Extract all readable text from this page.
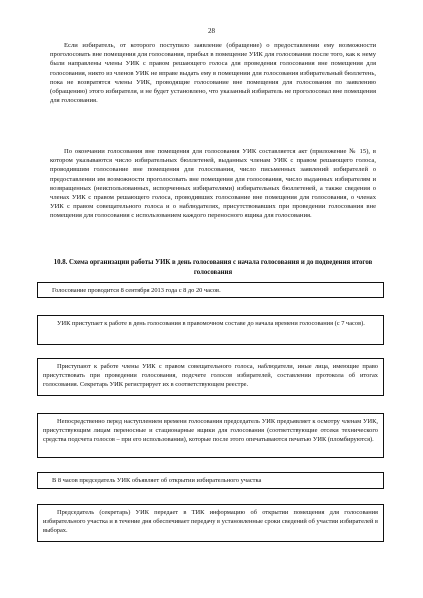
28

Если избиратель, от которого поступило заявление (обращение) о предоставлении ему возможности проголосовать вне помещения для голосования, прибыл в помещение УИК для голосования после того, как к нему были направлены члены УИК с правом решающего голоса для проведения голосования вне помещения для голосования, никто из членов УИК не вправе выдать ему в помещении для голосования избирательный бюллетень, пока не возвратятся члены УИК, проводящие голосование вне помещения для голосования по заявлению (обращению) этого избирателя, и не будет установлено, что указанный избиратель не проголосовал вне помещения для голосования.

По окончании голосования вне помещения для голосования УИК составляется акт (приложение № 15), в котором указываются число избирательных бюллетеней, выданных членам УИК с правом решающего голоса, проводившим голосование вне помещения для голосования, число письменных заявлений избирателей о предоставлении им возможности проголосовать вне помещения для голосования, число выданных избирателям и возвращенных (неиспользованных, испорченных избирателями) избирательных бюллетеней, а также сведения о членах УИК с правом решающего голоса, проводивших голосование вне помещения для голосования, о членах УИК с правом совещательного голоса и о наблюдателях, присутствовавших при проведении голосования вне помещения для голосования с использованием каждого переносного ящика для голосования.

10.8. Схема организации работы УИК в день голосования с начала голосования и до подведения итогов голосования

Голосование проводится 8 сентября 2013 года с 8 до 20 часов.

УИК приступает к работе в день голосования в правомочном составе до начала времени голосования (с 7 часов).

Приступают к работе члены УИК с правом совещательного голоса, наблюдатели, иные лица, имеющие право присутствовать при проведении голосования, подсчете голосов избирателей, составлении протокола об итогах голосования. Секретарь УИК регистрирует их в соответствующем реестре.

Непосредственно перед наступлением времени голосования председатель УИК предъявляет к осмотру членам УИК, присутствующим лицам переносные и стационарные ящики для голосования (соответствующие отсеки технического средства подсчета голосов – при его использовании), которые после этого опечатываются печатью УИК (пломбируются).

В 8 часов председатель УИК объявляет об открытии избирательного участка

Председатель (секретарь) УИК передает в ТИК информацию об открытии помещения для голосования избирательного участка и в течение дня обеспечивает передачу в установленные сроки сведений об участии избирателей в выборах.
